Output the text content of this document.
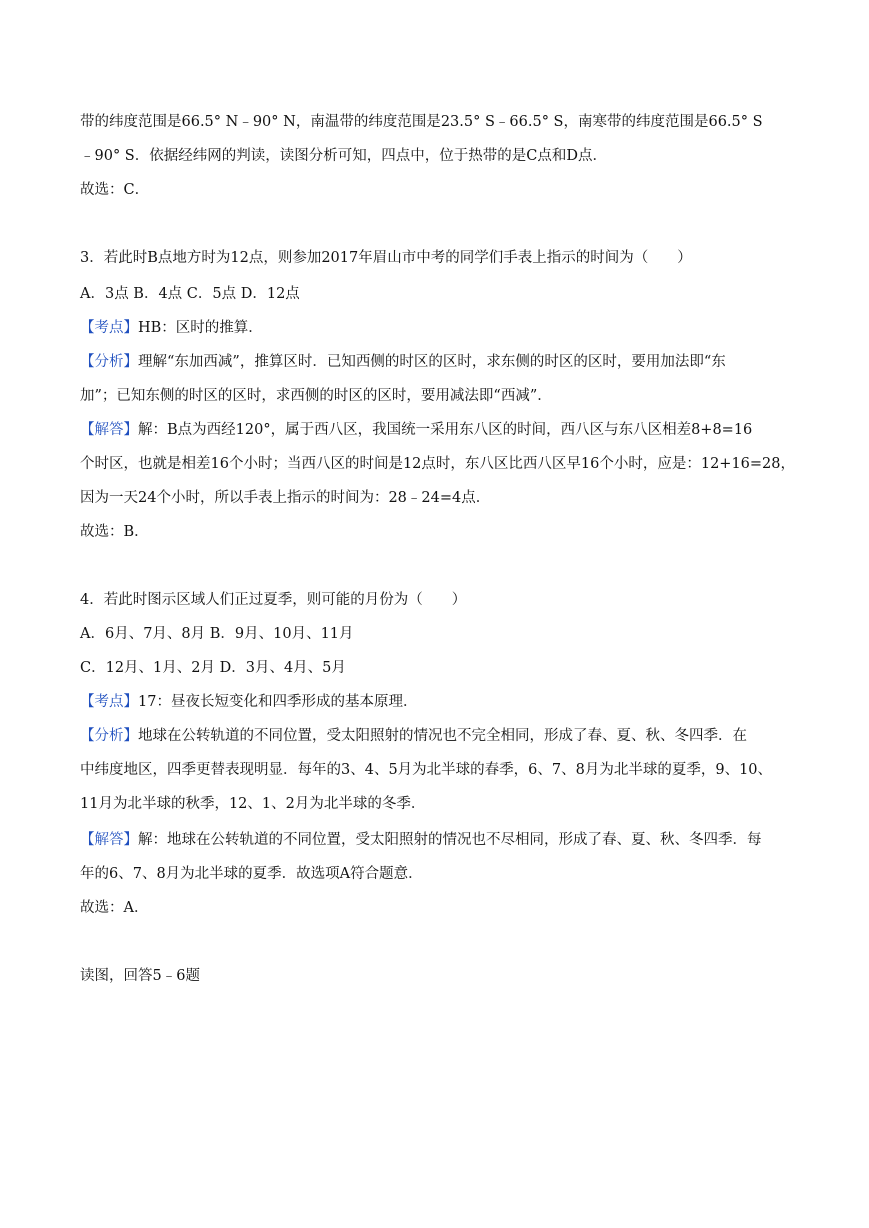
带的纬度范围是66.5° N﹣90° N，南温带的纬度范围是23.5° S﹣66.5° S，南寒带的纬度范围是66.5° S
﹣90° S．依据经纬网的判读，读图分析可知，四点中，位于热带的是C点和D点．
故选：C．
3．若此时B点地方时为12点，则参加2017年眉山市中考的同学们手表上指示的时间为（　　）
A．3点 B．4点 C．5点 D．12点
【考点】HB：区时的推算．
【分析】理解“东加西减”，推算区时．已知西侧的时区的区时，求东侧的时区的区时，要用加法即“东
加”；已知东侧的时区的区时，求西侧的时区的区时，要用减法即“西减”．
【解答】解：B点为西经120°，属于西八区，我国统一采用东八区的时间，西八区与东八区相差8+8=16
个时区，也就是相差16个小时；当西八区的时间是12点时，东八区比西八区早16个小时，应是：12+16=28，
因为一天24个小时，所以手表上指示的时间为：28﹣24=4点．
故选：B．
4．若此时图示区域人们正过夏季，则可能的月份为（　　）
A．6月、7月、8月 B．9月、10月、11月
C．12月、1月、2月 D．3月、4月、5月
【考点】17：昼夜长短变化和四季形成的基本原理．
【分析】地球在公转轨道的不同位置，受太阳照射的情况也不完全相同，形成了春、夏、秋、冬四季．在
中纬度地区，四季更替表现明显．每年的3、4、5月为北半球的春季，6、7、8月为北半球的夏季，9、10、
11月为北半球的秋季，12、1、2月为北半球的冬季．
【解答】解：地球在公转轨道的不同位置，受太阳照射的情况也不尽相同，形成了春、夏、秋、冬四季．每
年的6、7、8月为北半球的夏季．故选项A符合题意．
故选：A．
读图，回答5﹣6题
